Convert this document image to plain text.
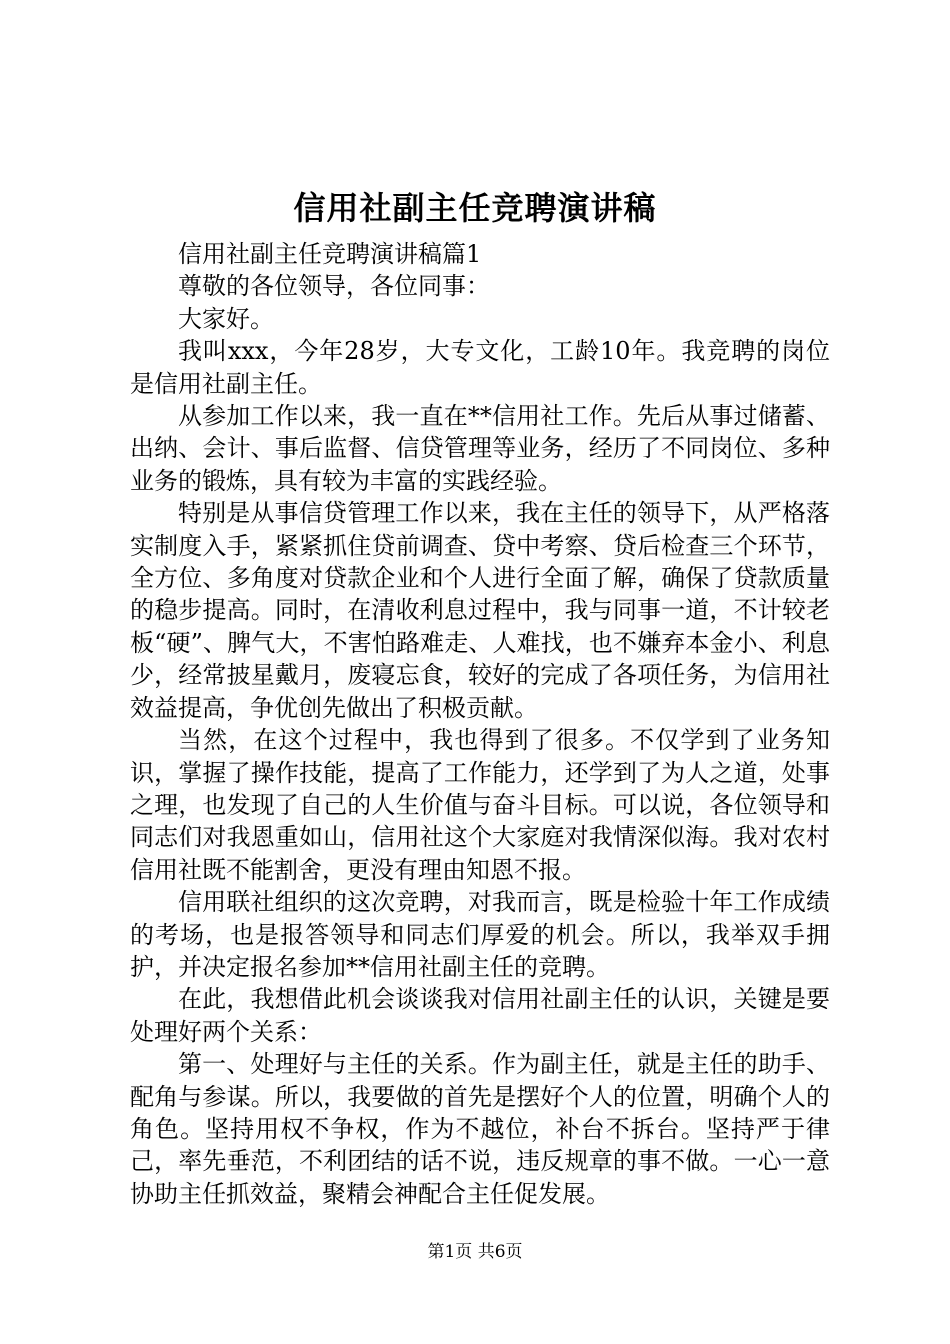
信用社副主任竞聘演讲稿

信用社副主任竞聘演讲稿篇1

尊敬的各位领导，各位同事：

大家好。

我叫xxx，今年28岁，大专文化，工龄10年。我竞聘的岗位是信用社副主任。

从参加工作以来，我一直在**信用社工作。先后从事过储蓄、出纳、会计、事后监督、信贷管理等业务，经历了不同岗位、多种业务的锻炼，具有较为丰富的实践经验。

特别是从事信贷管理工作以来，我在主任的领导下，从严格落实制度入手，紧紧抓住贷前调查、贷中考察、贷后检查三个环节，全方位、多角度对贷款企业和个人进行全面了解，确保了贷款质量的稳步提高。同时，在清收利息过程中，我与同事一道，不计较老板“硬”、脾气大，不害怕路难走、人难找，也不嫌弃本金小、利息少，经常披星戴月，废寝忘食，较好的完成了各项任务，为信用社效益提高，争优创先做出了积极贡献。

当然，在这个过程中，我也得到了很多。不仅学到了业务知识，掌握了操作技能，提高了工作能力，还学到了为人之道，处事之理，也发现了自己的人生价值与奋斗目标。可以说，各位领导和同志们对我恩重如山，信用社这个大家庭对我情深似海。我对农村信用社既不能割舍，更没有理由知恩不报。

信用联社组织的这次竞聘，对我而言，既是检验十年工作成绩的考场，也是报答领导和同志们厚爱的机会。所以，我举双手拥护，并决定报名参加**信用社副主任的竞聘。

在此，我想借此机会谈谈我对信用社副主任的认识，关键是要处理好两个关系：

第一、处理好与主任的关系。作为副主任，就是主任的助手、配角与参谋。所以，我要做的首先是摆好个人的位置，明确个人的角色。坚持用权不争权，作为不越位，补台不拆台。坚持严于律己，率先垂范，不利团结的话不说，违反规章的事不做。一心一意协助主任抓效益，聚精会神配合主任促发展。

第1页 共6页
